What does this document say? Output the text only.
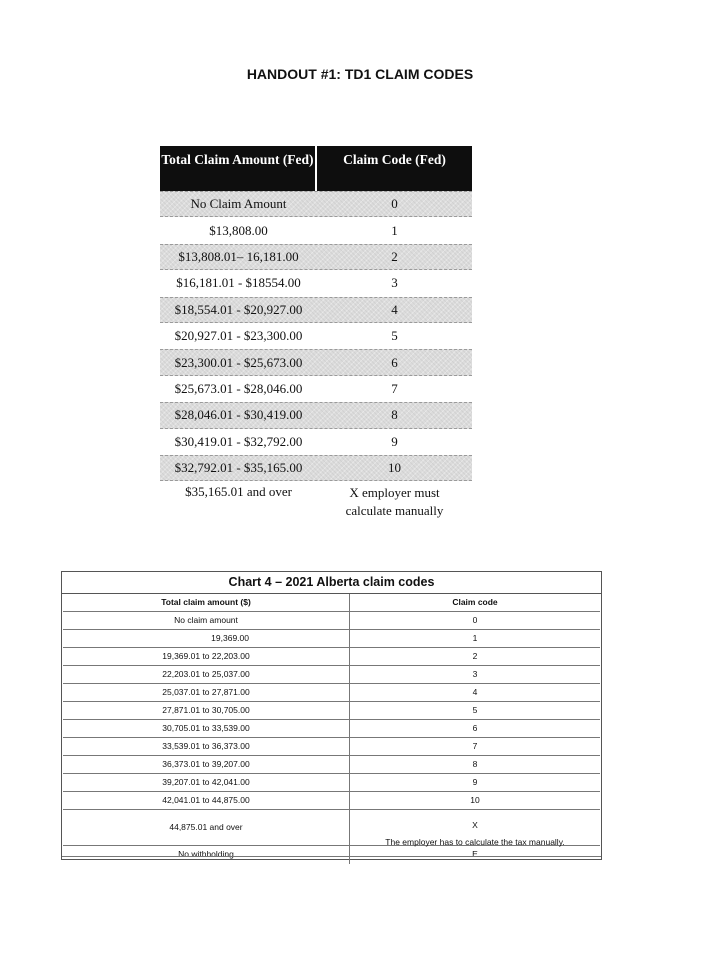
HANDOUT #1: TD1 CLAIM CODES
Total Claim Amount (Fed)	Claim Code (Fed)
No Claim Amount	0
$13,808.00	1
$13,808.01– 16,181.00	2
$16,181.01 - $18554.00	3
$18,554.01 - $20,927.00	4
$20,927.01 - $23,300.00	5
$23,300.01 - $25,673.00	6
$25,673.01 - $28,046.00	7
$28,046.01 - $30,419.00	8
$30,419.01 - $32,792.00	9
$32,792.01 - $35,165.00	10
$35,165.01 and over	X employer must
calculate manually
Chart 4 – 2021 Alberta claim codes
Total claim amount ($)	Claim code
No claim amount	0
19,369.00	1
19,369.01 to 22,203.00	2
22,203.01 to 25,037.00	3
25,037.01 to 27,871.00	4
27,871.01 to 30,705.00	5
30,705.01 to 33,539.00	6
33,539.01 to 36,373.00	7
36,373.01 to 39,207.00	8
39,207.01 to 42,041.00	9
42,041.01 to 44,875.00	10
44,875.01 and over	X
The employer has to calculate the tax manually.
No withholding	E
